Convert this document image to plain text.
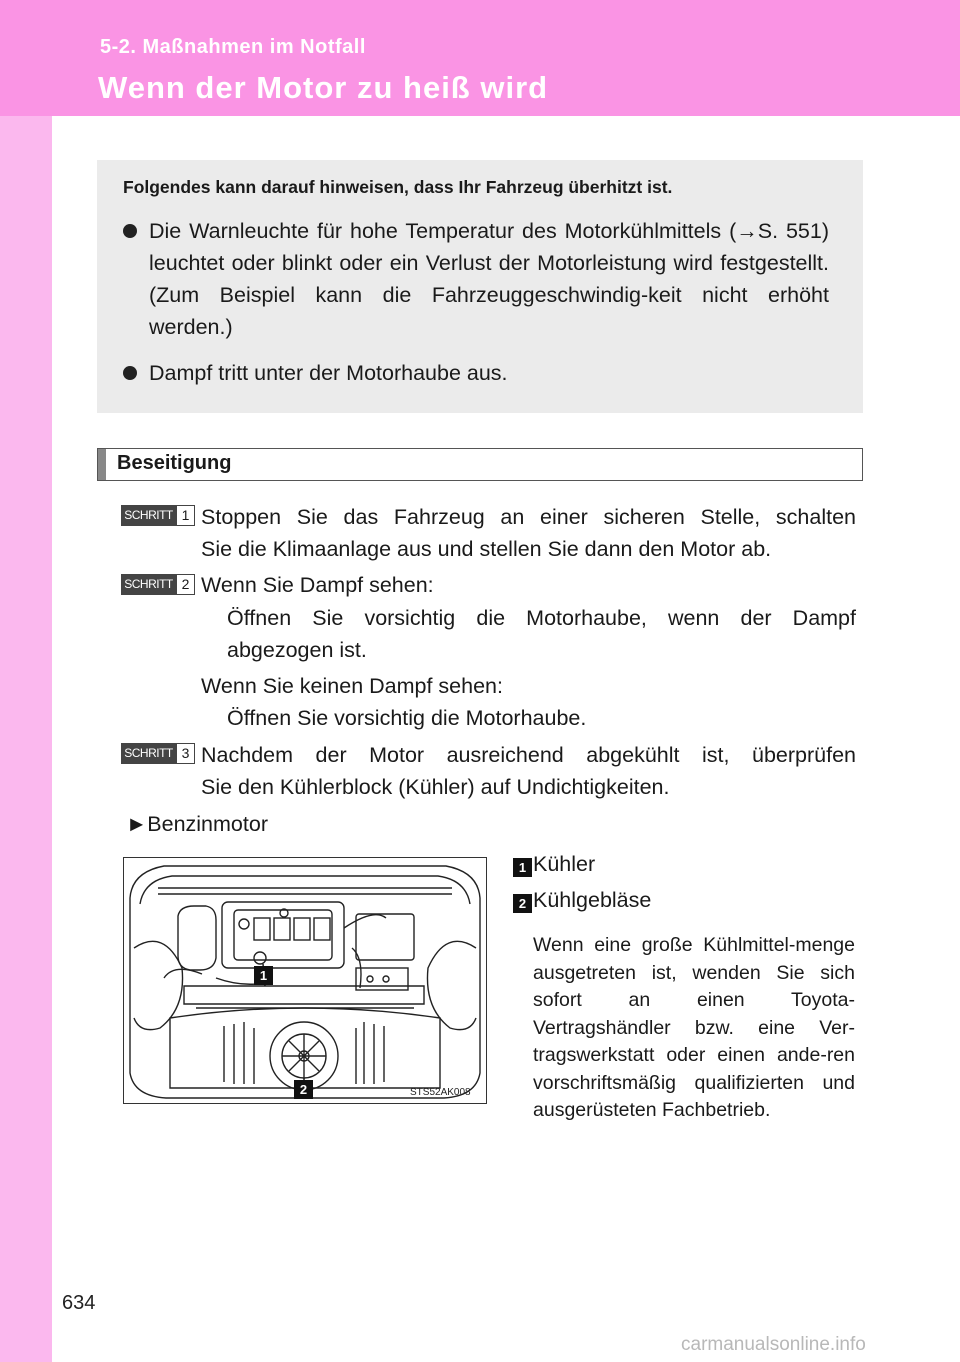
5-2. Maßnahmen im Notfall
Wenn der Motor zu heiß wird
Folgendes kann darauf hinweisen, dass Ihr Fahrzeug überhitzt ist.
Die Warnleuchte für hohe Temperatur des Motorkühlmittels (→S. 551) leuchtet oder blinkt oder ein Verlust der Motorleistung wird festgestellt. (Zum Beispiel kann die Fahrzeuggeschwindig-keit nicht erhöht werden.)
Dampf tritt unter der Motorhaube aus.
Beseitigung
SCHRITT 1 Stoppen Sie das Fahrzeug an einer sicheren Stelle, schalten
Sie die Klimaanlage aus und stellen Sie dann den Motor ab.
SCHRITT 2 Wenn Sie Dampf sehen:
Öffnen Sie vorsichtig die Motorhaube, wenn der Dampf
abgezogen ist.
Wenn Sie keinen Dampf sehen:
Öffnen Sie vorsichtig die Motorhaube.
SCHRITT 3 Nachdem der Motor ausreichend abgekühlt ist, überprüfen
Sie den Kühlerblock (Kühler) auf Undichtigkeiten.
►Benzinmotor
1
2	STS52AK008
1 Kühler
2 Kühlgebläse
Wenn eine große Kühlmittel-menge ausgetreten ist, wenden Sie sich sofort an einen Toyota-Vertragshändler bzw. eine Ver-tragswerkstatt oder einen ande-ren vorschriftsmäßig qualifizierten und ausgerüsteten Fachbetrieb.
634
carmanualsonline.info
